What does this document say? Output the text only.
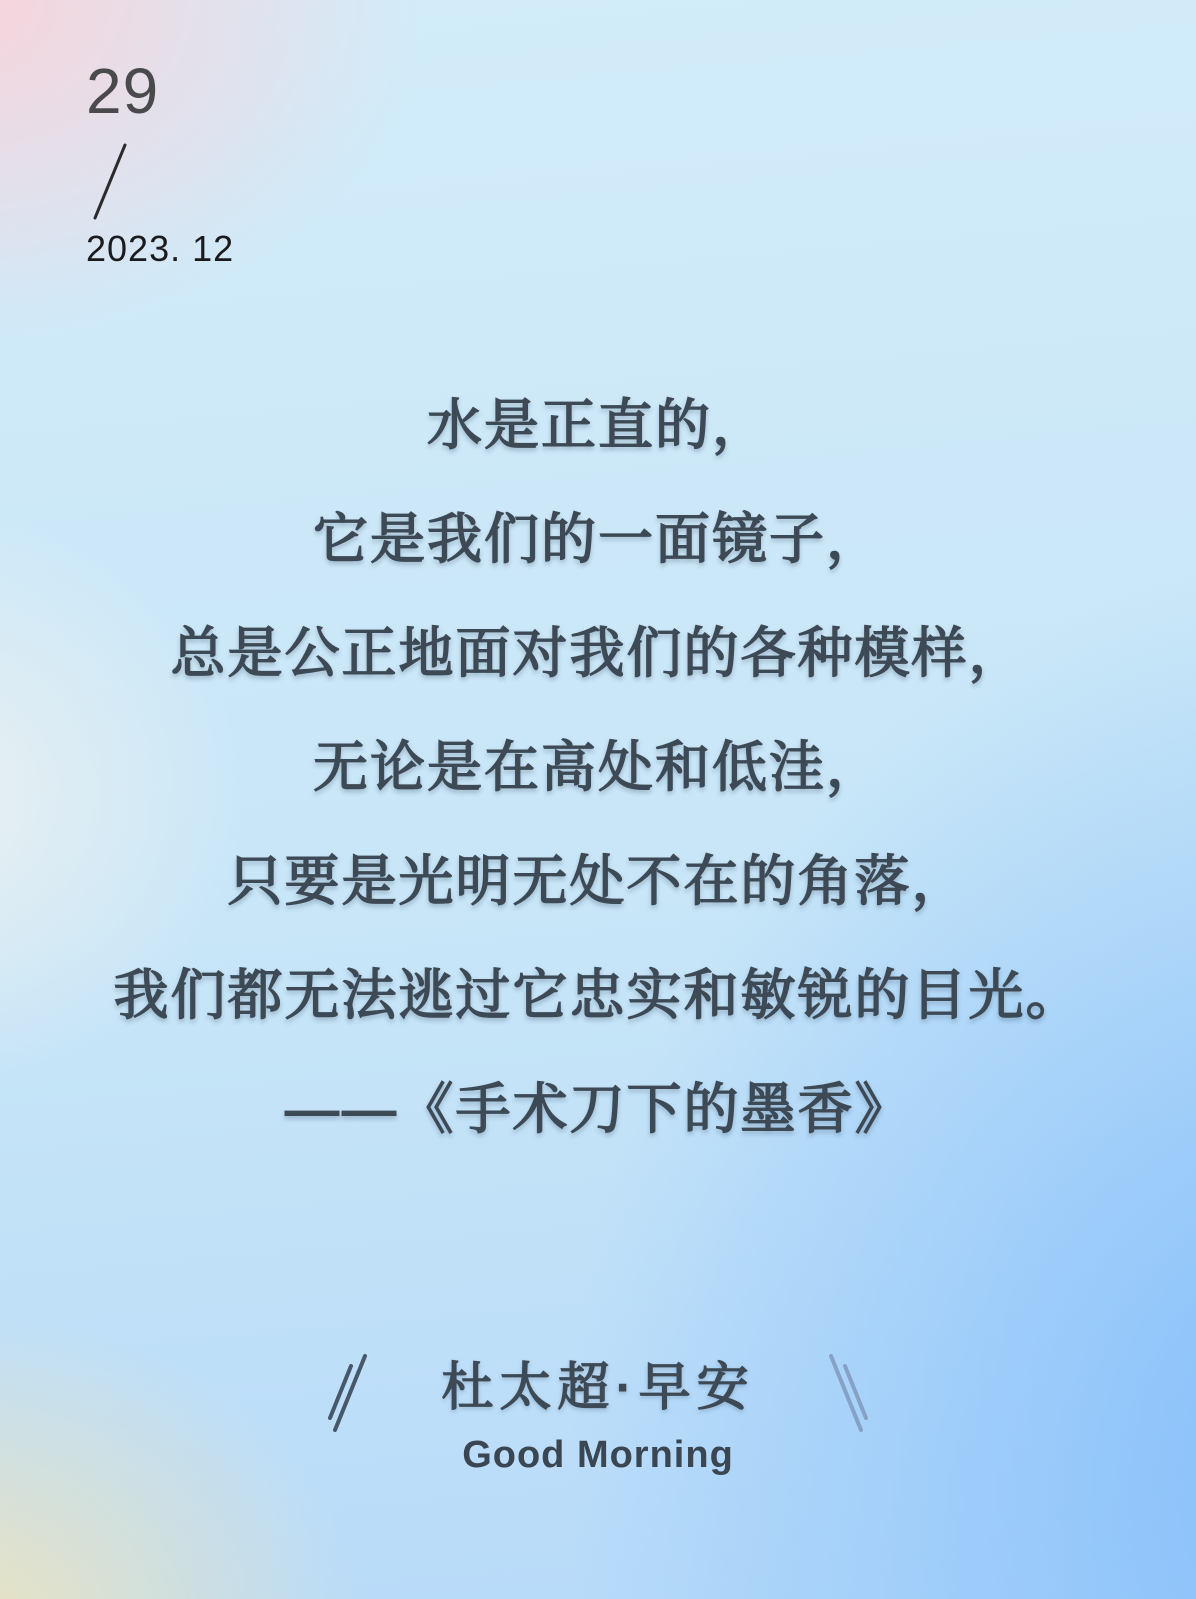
29
2023. 12
水是正直的，
它是我们的一面镜子，
总是公正地面对我们的各种模样，
无论是在高处和低洼，
只要是光明无处不在的角落，
我们都无法逃过它忠实和敏锐的目光。
——《手术刀下的墨香》
杜太超·早安
Good Morning
